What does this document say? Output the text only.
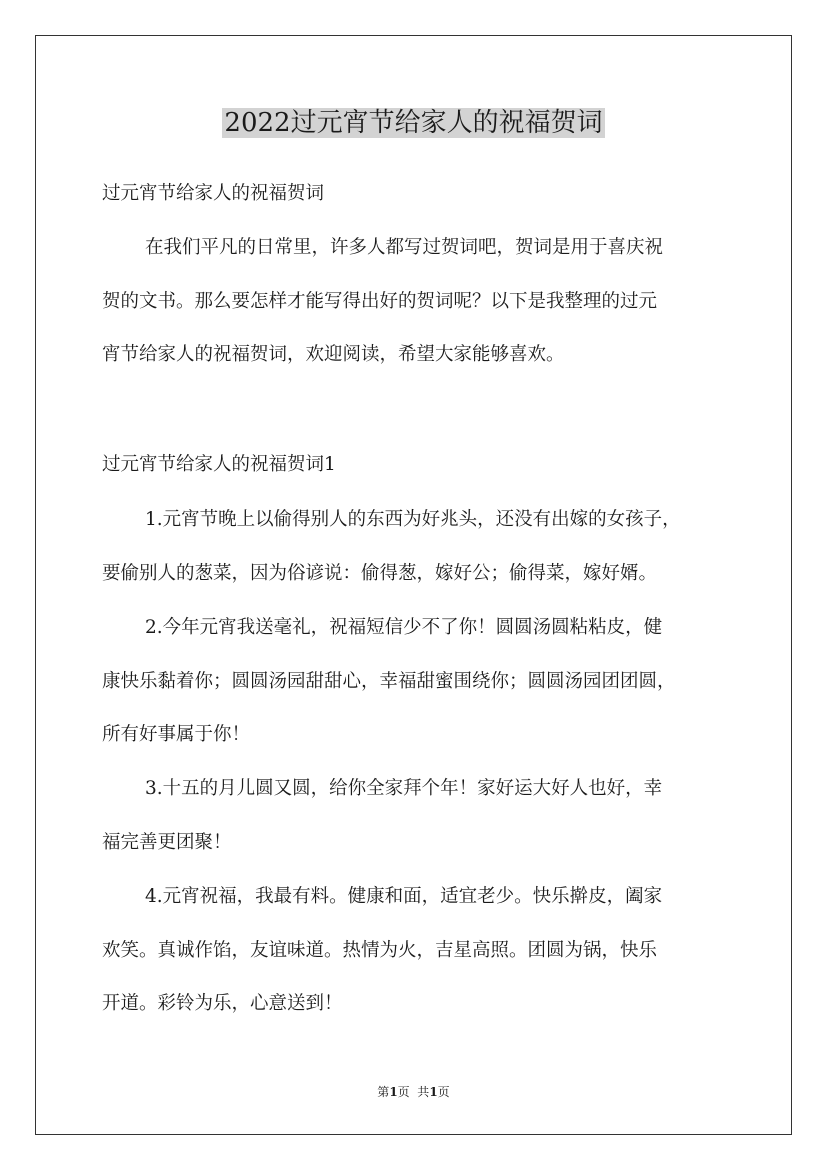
2022过元宵节给家人的祝福贺词

过元宵节给家人的祝福贺词

在我们平凡的日常里，许多人都写过贺词吧，贺词是用于喜庆祝

贺的文书。那么要怎样才能写得出好的贺词呢？以下是我整理的过元

宵节给家人的祝福贺词，欢迎阅读，希望大家能够喜欢。

过元宵节给家人的祝福贺词1

1.元宵节晚上以偷得别人的东西为好兆头，还没有出嫁的女孩子，

要偷别人的葱菜，因为俗谚说：偷得葱，嫁好公；偷得菜，嫁好婿。

2.今年元宵我送毫礼，祝福短信少不了你！圆圆汤圆粘粘皮，健

康快乐黏着你；圆圆汤园甜甜心，幸福甜蜜围绕你；圆圆汤园团团圆，

所有好事属于你！

3.十五的月儿圆又圆，给你全家拜个年！家好运大好人也好，幸

福完善更团聚！

4.元宵祝福，我最有料。健康和面，适宜老少。快乐擀皮，阖家

欢笑。真诚作馅，友谊味道。热情为火，吉星高照。团圆为锅，快乐

开道。彩铃为乐，心意送到！

第1页  共1页
